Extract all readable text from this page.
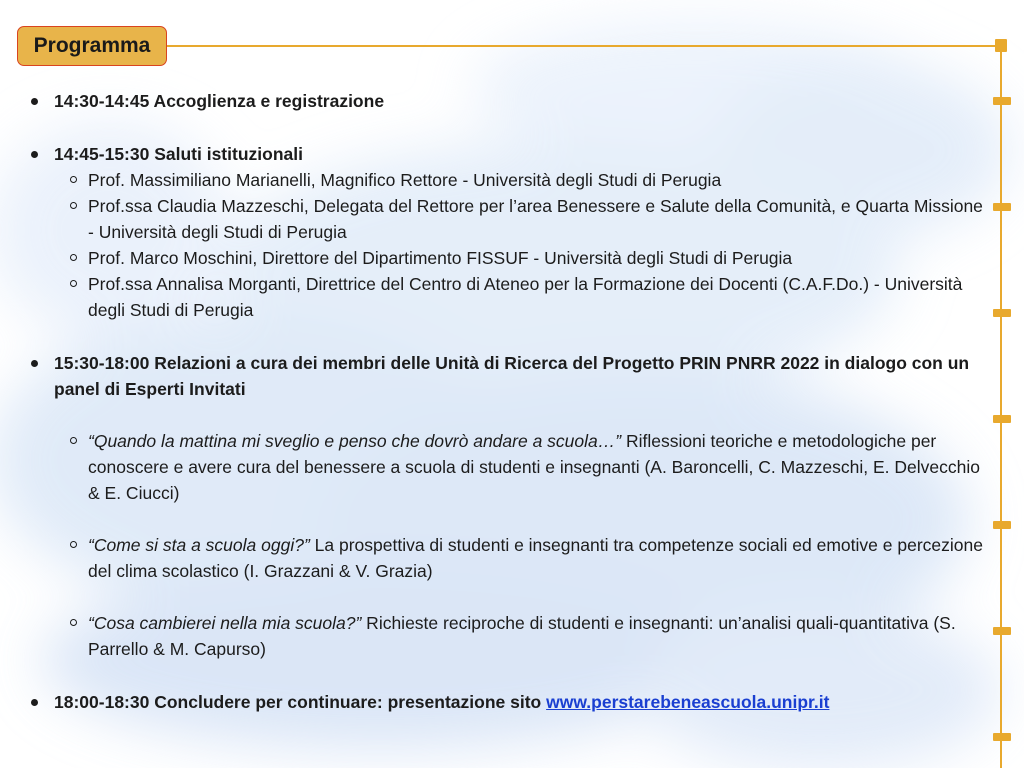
Programma
14:30-14:45 Accoglienza e registrazione
14:45-15:30 Saluti istituzionali
Prof. Massimiliano Marianelli, Magnifico Rettore - Università degli Studi di Perugia
Prof.ssa Claudia Mazzeschi, Delegata del Rettore per l’area Benessere e Salute della Comunità, e Quarta Missione - Università degli Studi di Perugia
Prof. Marco Moschini, Direttore del Dipartimento FISSUF - Università degli Studi di Perugia
Prof.ssa Annalisa Morganti, Direttrice del Centro di Ateneo per la Formazione dei Docenti (C.A.F.Do.) - Università degli Studi di Perugia
15:30-18:00 Relazioni a cura dei membri delle Unità di Ricerca del Progetto PRIN PNRR 2022 in dialogo con un panel di Esperti Invitati
“Quando la mattina mi sveglio e penso che dovrò andare a scuola…” Riflessioni teoriche e metodologiche per conoscere e avere cura del benessere a scuola di studenti e insegnanti (A. Baroncelli, C. Mazzeschi, E. Delvecchio & E. Ciucci)
“Come si sta a scuola oggi?” La prospettiva di studenti e insegnanti tra competenze sociali ed emotive e percezione del clima scolastico (I. Grazzani & V. Grazia)
“Cosa cambierei nella mia scuola?” Richieste reciproche di studenti e insegnanti: un’analisi quali-quantitativa (S. Parrello & M. Capurso)
18:00-18:30 Concludere per continuare: presentazione sito www.perstarebeneascuola.unipr.it
